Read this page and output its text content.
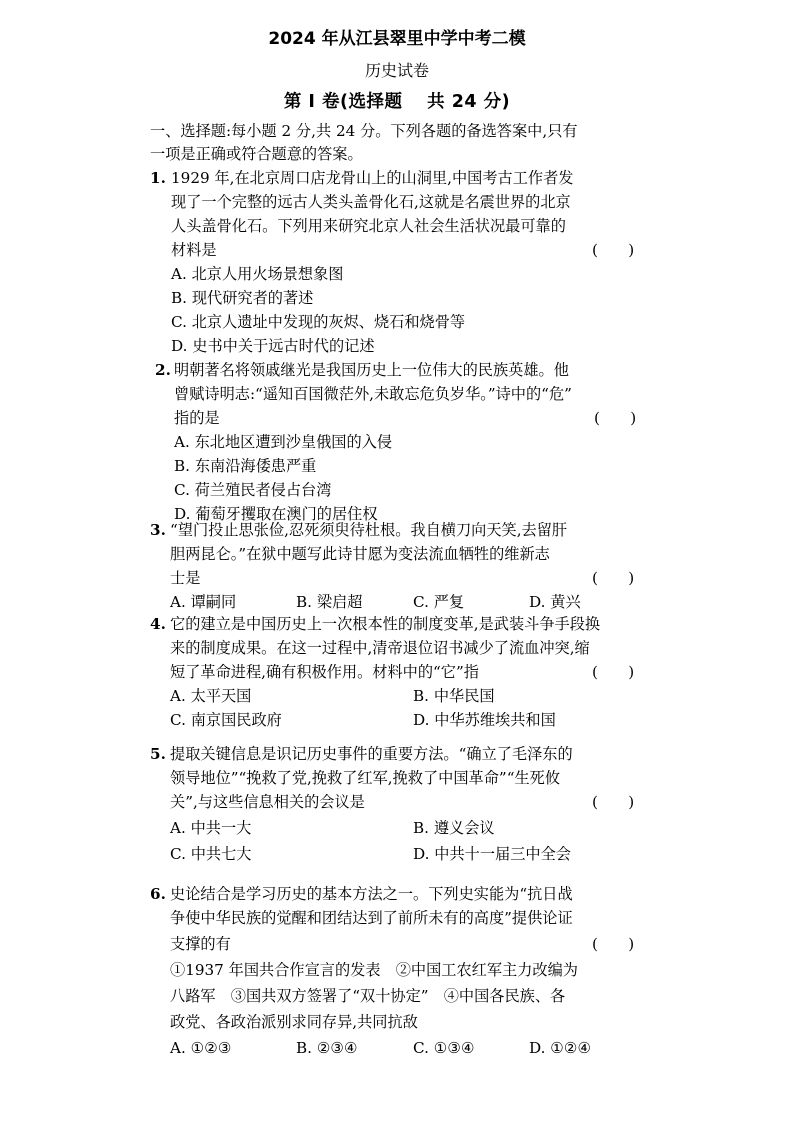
2024 年从江县翠里中学中考二模
历史试卷
第 I 卷(选择题　 共 24 分)
一、选择题:每小题 2 分,共 24 分。下列各题的备选答案中,只有
一项是正确或符合题意的答案。
1. 1929 年,在北京周口店龙骨山上的山洞里,中国考古工作者发
现了一个完整的远古人类头盖骨化石,这就是名震世界的北京
人头盖骨化石。下列用来研究北京人社会生活状况最可靠的
材料是	(　　)
A. 北京人用火场景想象图
B. 现代研究者的著述
C. 北京人遗址中发现的灰烬、烧石和烧骨等
D. 史书中关于远古时代的记述
2. 明朝著名将领戚继光是我国历史上一位伟大的民族英雄。他
曾赋诗明志:“遥知百国微茫外,未敢忘危负岁华。”诗中的“危”
指的是	(　　)
A. 东北地区遭到沙皇俄国的入侵
B. 东南沿海倭患严重
C. 荷兰殖民者侵占台湾
D. 葡萄牙攫取在澳门的居住权
3. “望门投止思张俭,忍死须臾待杜根。我自横刀向天笑,去留肝
胆两昆仑。”在狱中题写此诗甘愿为变法流血牺牲的维新志
士是	(　　)
A. 谭嗣同	B. 梁启超	C. 严复	D. 黄兴
4. 它的建立是中国历史上一次根本性的制度变革,是武装斗争手段换
来的制度成果。在这一过程中,清帝退位诏书减少了流血冲突,缩
短了革命进程,确有积极作用。材料中的“它”指	(　　)
A. 太平天国	B. 中华民国
C. 南京国民政府	D. 中华苏维埃共和国
5. 提取关键信息是识记历史事件的重要方法。“确立了毛泽东的
领导地位”“挽救了党,挽救了红军,挽救了中国革命”“生死攸
关”,与这些信息相关的会议是	(　　)
A. 中共一大	B. 遵义会议
C. 中共七大	D. 中共十一届三中全会
6. 史论结合是学习历史的基本方法之一。下列史实能为“抗日战
争使中华民族的觉醒和团结达到了前所未有的高度”提供论证
支撑的有	(　　)
①1937 年国共合作宣言的发表　②中国工农红军主力改编为
八路军　③国共双方签署了“双十协定”　④中国各民族、各
政党、各政治派别求同存异,共同抗敌
A. ①②③	B. ②③④	C. ①③④	D. ①②④
